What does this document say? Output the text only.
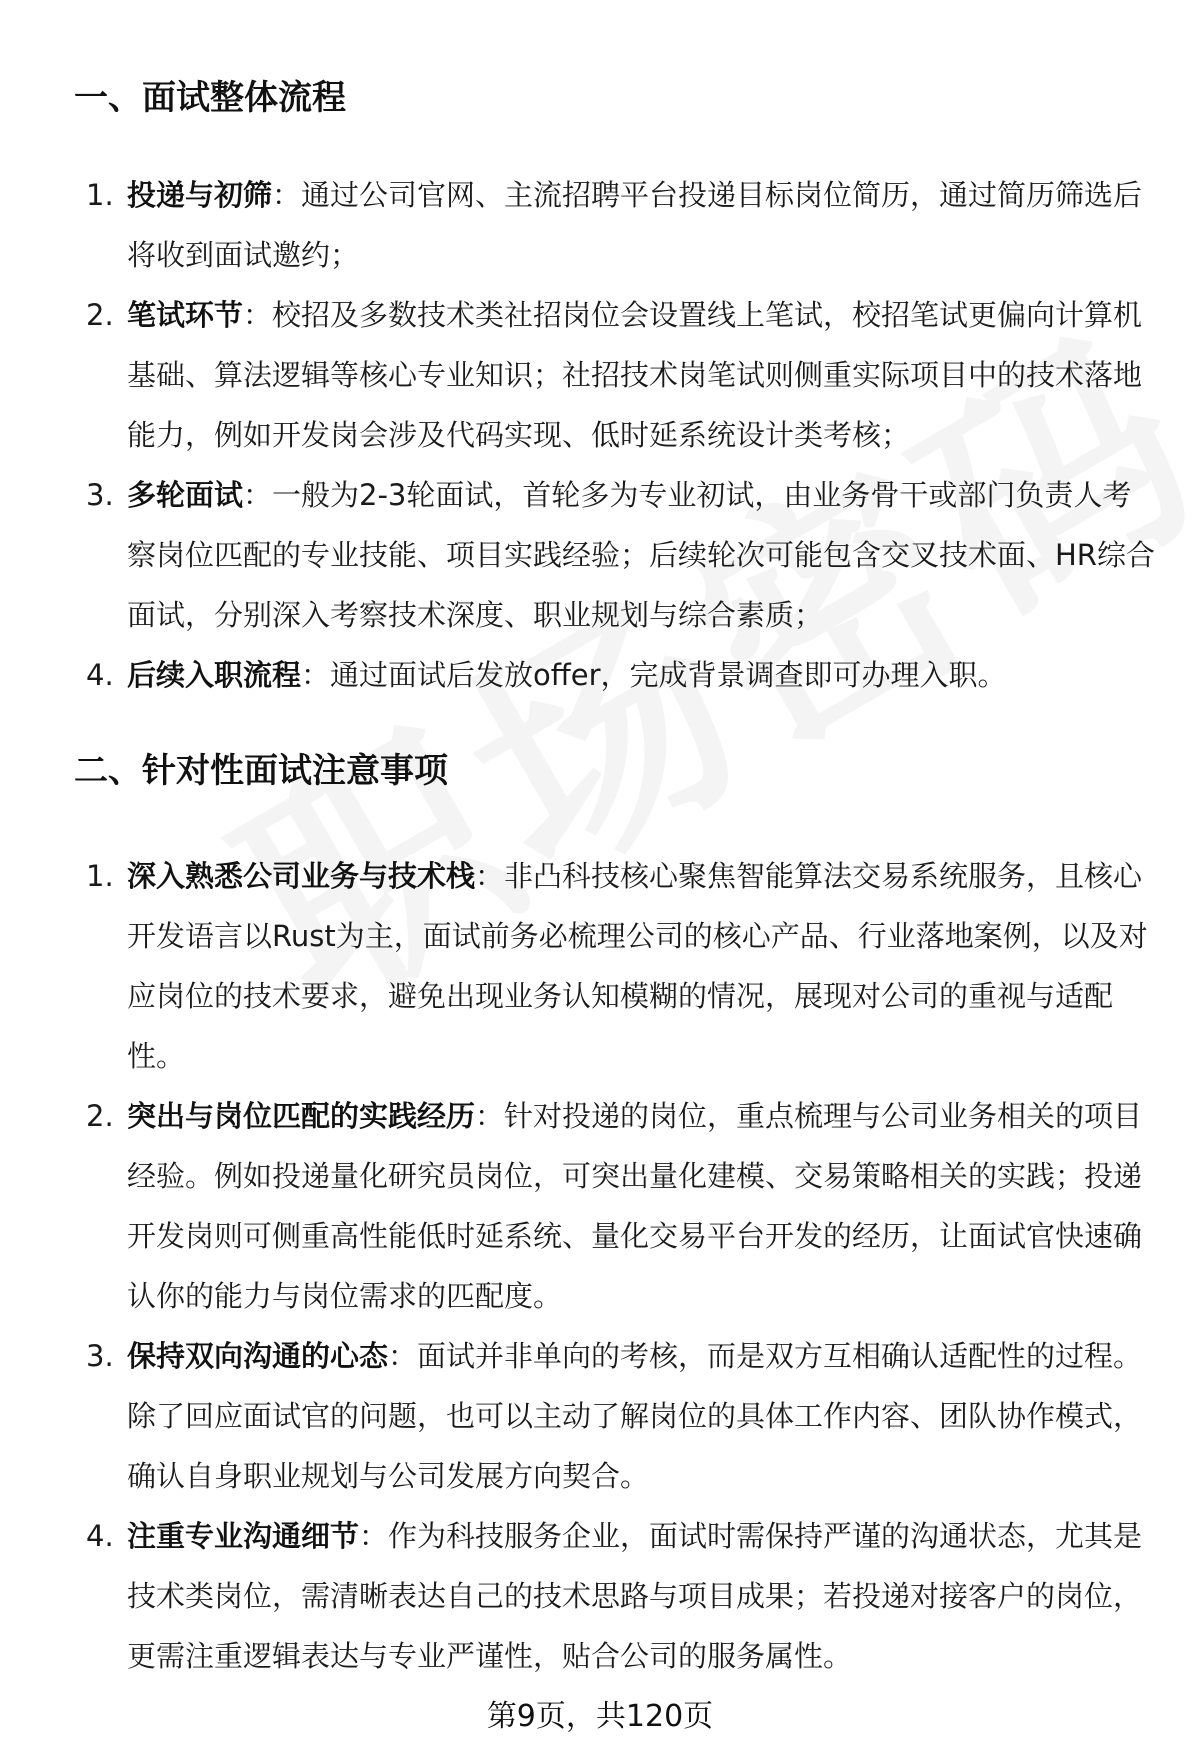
一、面试整体流程
1. 投递与初筛：通过公司官网、主流招聘平台投递目标岗位简历，通过简历筛选后将收到面试邀约；
2. 笔试环节：校招及多数技术类社招岗位会设置线上笔试，校招笔试更偏向计算机基础、算法逻辑等核心专业知识；社招技术岗笔试则侧重实际项目中的技术落地能力，例如开发岗会涉及代码实现、低时延系统设计类考核；
3. 多轮面试：一般为2-3轮面试，首轮多为专业初试，由业务骨干或部门负责人考察岗位匹配的专业技能、项目实践经验；后续轮次可能包含交叉技术面、HR综合面试，分别深入考察技术深度、职业规划与综合素质；
4. 后续入职流程：通过面试后发放offer，完成背景调查即可办理入职。
二、针对性面试注意事项
1. 深入熟悉公司业务与技术栈：非凸科技核心聚焦智能算法交易系统服务，且核心开发语言以Rust为主，面试前务必梳理公司的核心产品、行业落地案例，以及对应岗位的技术要求，避免出现业务认知模糊的情况，展现对公司的重视与适配性。
2. 突出与岗位匹配的实践经历：针对投递的岗位，重点梳理与公司业务相关的项目经验。例如投递量化研究员岗位，可突出量化建模、交易策略相关的实践；投递开发岗则可侧重高性能低时延系统、量化交易平台开发的经历，让面试官快速确认你的能力与岗位需求的匹配度。
3. 保持双向沟通的心态：面试并非单向的考核，而是双方互相确认适配性的过程。除了回应面试官的问题，也可以主动了解岗位的具体工作内容、团队协作模式，确认自身职业规划与公司发展方向契合。
4. 注重专业沟通细节：作为科技服务企业，面试时需保持严谨的沟通状态，尤其是技术类岗位，需清晰表达自己的技术思路与项目成果；若投递对接客户的岗位，更需注重逻辑表达与专业严谨性，贴合公司的服务属性。
第9页，共120页
